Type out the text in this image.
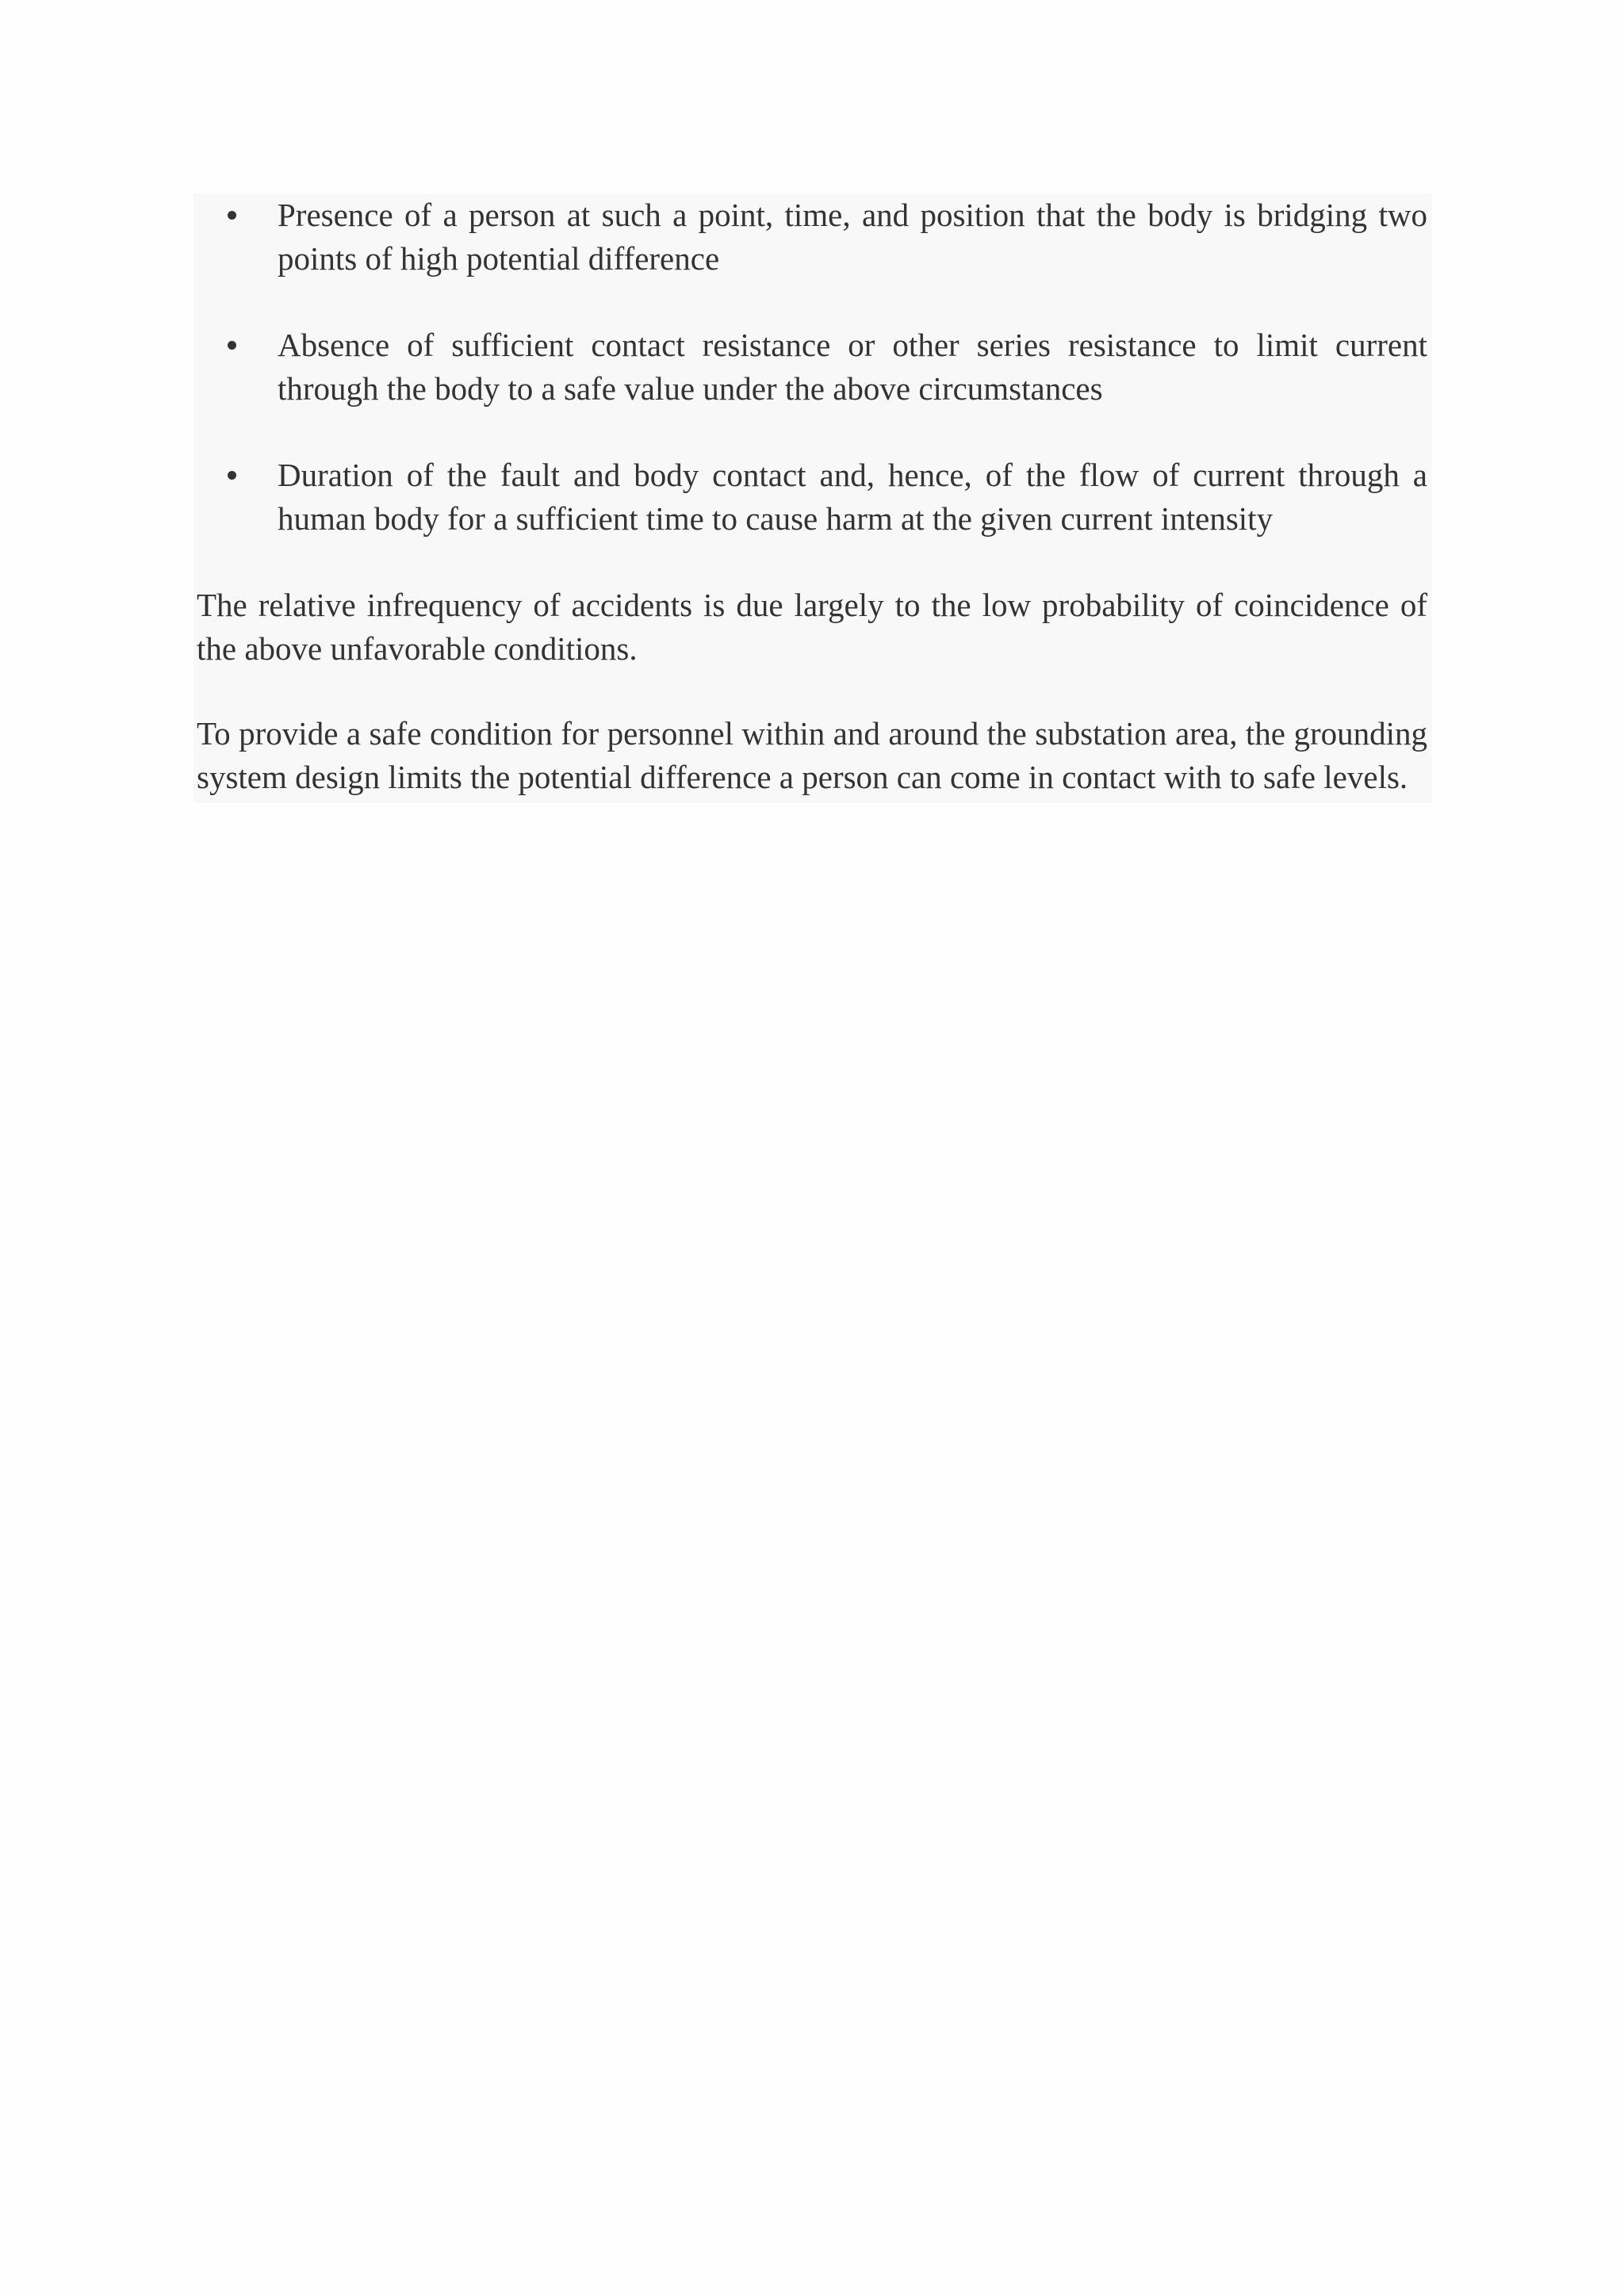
Presence of a person at such a point, time, and position that the body is bridging two points of high potential difference
Absence of sufficient contact resistance or other series resistance to limit current through the body to a safe value under the above circumstances
Duration of the fault and body contact and, hence, of the flow of current through a human body for a sufficient time to cause harm at the given current intensity

The relative infrequency of accidents is due largely to the low probability of coincidence of the above unfavorable conditions.

To provide a safe condition for personnel within and around the substation area, the grounding system design limits the potential difference a person can come in contact with to safe levels.
